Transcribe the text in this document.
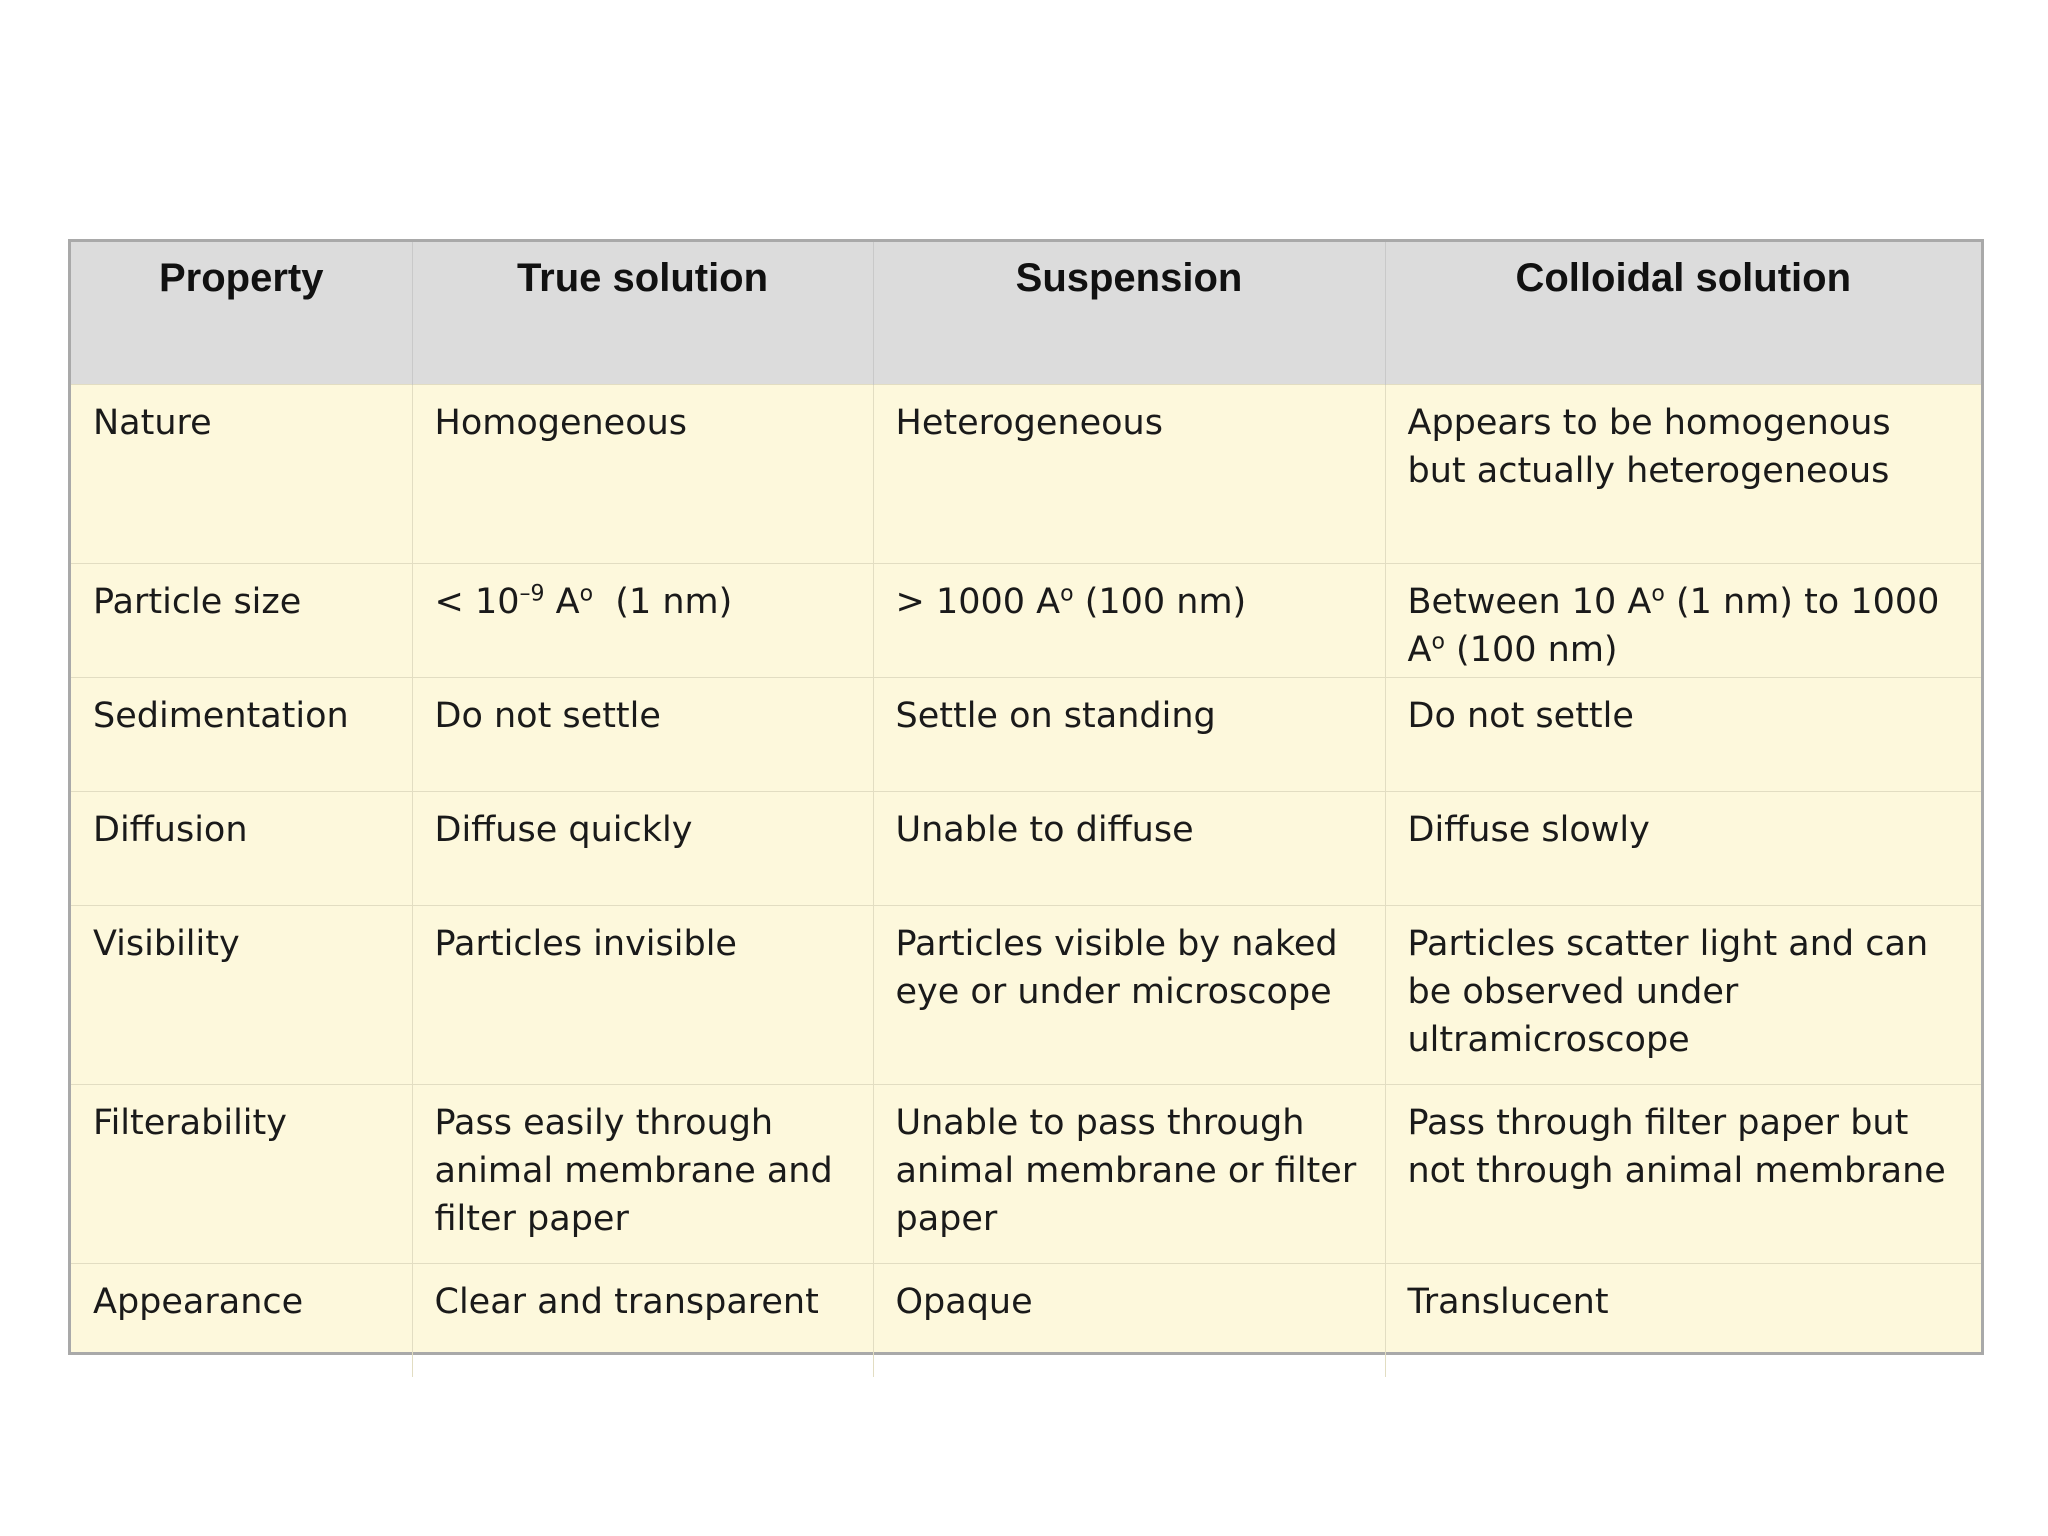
Property	True solution	Suspension	Colloidal solution
Nature	Homogeneous	Heterogeneous	Appears to be homogenous but actually heterogeneous
Particle size	< $10^{-9}$ $A^o$  (1 nm)	> 1000 $A^o$ (100 nm)	Between 10 $A^o$ (1 nm) to 1000 $A^o$ (100 nm)
Sedimentation	Do not settle	Settle on standing	Do not settle
Diffusion	Diffuse quickly	Unable to diffuse	Diffuse slowly
Visibility	Particles invisible	Particles visible by naked eye or under microscope	Particles scatter light and can be observed under ultramicroscope
Filterability	Pass easily through animal membrane and filter paper	Unable to pass through animal membrane or filter paper	Pass through filter paper but not through animal membrane
Appearance	Clear and transparent	Opaque	Translucent
